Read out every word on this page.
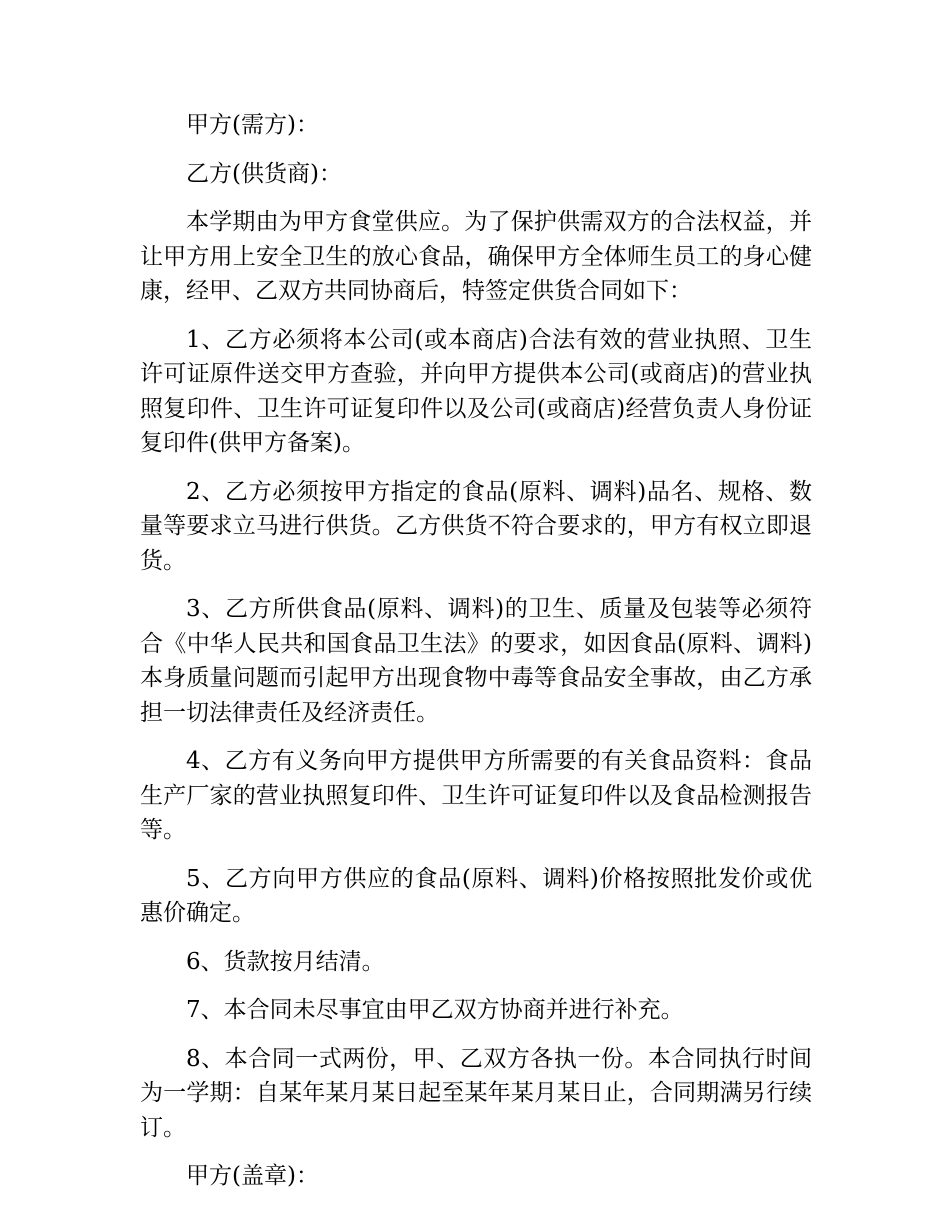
甲方(需方)：

乙方(供货商)：

本学期由为甲方食堂供应。为了保护供需双方的合法权益，并让甲方用上安全卫生的放心食品，确保甲方全体师生员工的身心健康，经甲、乙双方共同协商后，特签定供货合同如下：

1、乙方必须将本公司(或本商店)合法有效的营业执照、卫生许可证原件送交甲方查验，并向甲方提供本公司(或商店)的营业执照复印件、卫生许可证复印件以及公司(或商店)经营负责人身份证复印件(供甲方备案)。

2、乙方必须按甲方指定的食品(原料、调料)品名、规格、数量等要求立马进行供货。乙方供货不符合要求的，甲方有权立即退货。

3、乙方所供食品(原料、调料)的卫生、质量及包装等必须符合《中华人民共和国食品卫生法》的要求，如因食品(原料、调料)本身质量问题而引起甲方出现食物中毒等食品安全事故，由乙方承担一切法律责任及经济责任。

4、乙方有义务向甲方提供甲方所需要的有关食品资料：食品生产厂家的营业执照复印件、卫生许可证复印件以及食品检测报告等。

5、乙方向甲方供应的食品(原料、调料)价格按照批发价或优惠价确定。

6、货款按月结清。

7、本合同未尽事宜由甲乙双方协商并进行补充。

8、本合同一式两份，甲、乙双方各执一份。本合同执行时间为一学期：自某年某月某日起至某年某月某日止，合同期满另行续订。

甲方(盖章)：
